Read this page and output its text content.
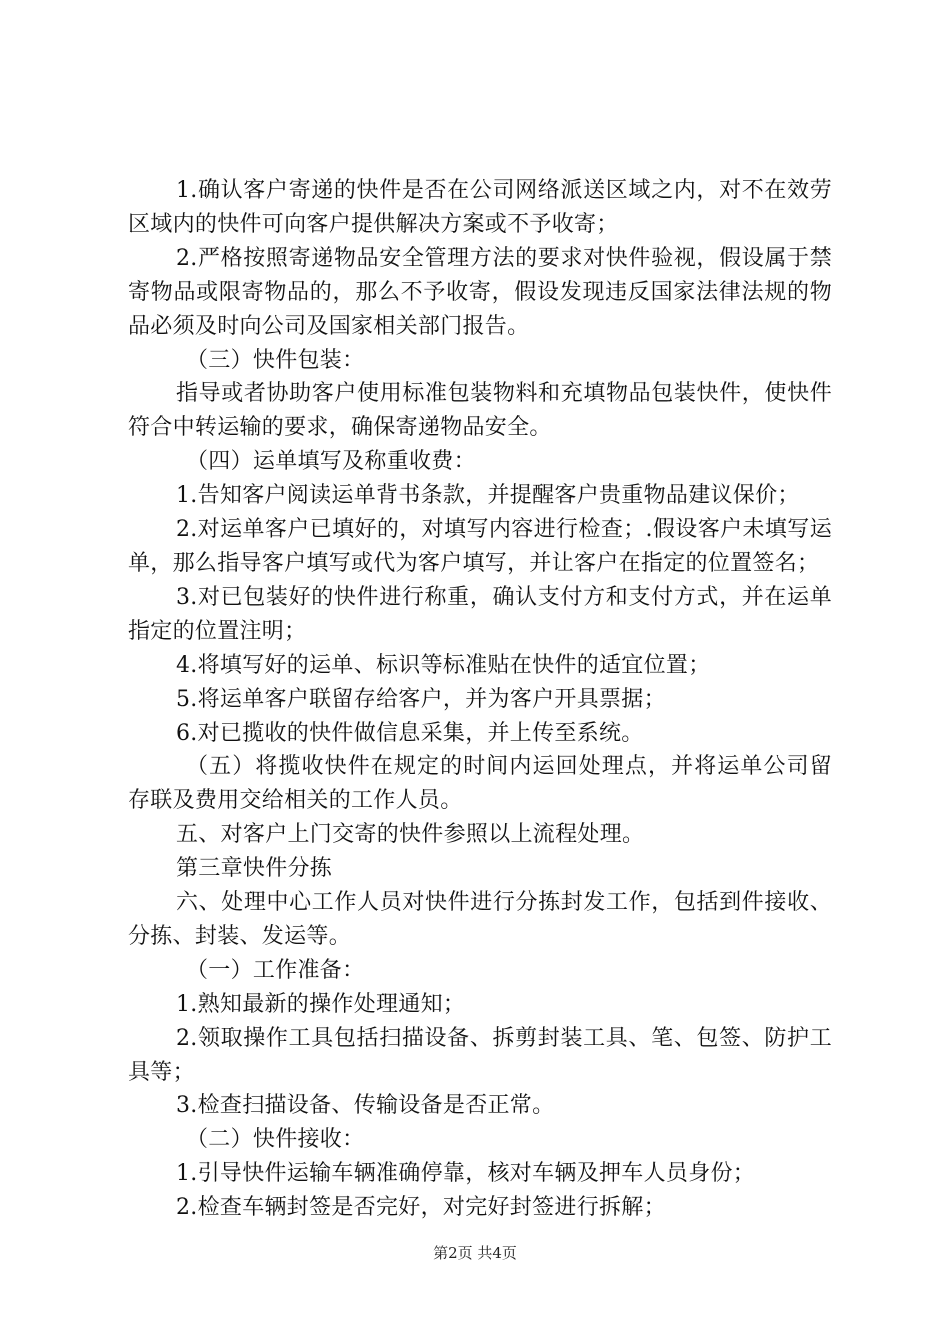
1.确认客户寄递的快件是否在公司网络派送区域之内，对不在效劳区域内的快件可向客户提供解决方案或不予收寄；

2.严格按照寄递物品安全管理方法的要求对快件验视，假设属于禁寄物品或限寄物品的，那么不予收寄，假设发现违反国家法律法规的物品必须及时向公司及国家相关部门报告。

（三）快件包装：

指导或者协助客户使用标准包装物料和充填物品包装快件，使快件符合中转运输的要求，确保寄递物品安全。

（四）运单填写及称重收费：

1.告知客户阅读运单背书条款，并提醒客户贵重物品建议保价；

2.对运单客户已填好的，对填写内容进行检查；.假设客户未填写运单，那么指导客户填写或代为客户填写，并让客户在指定的位置签名；

3.对已包装好的快件进行称重，确认支付方和支付方式，并在运单指定的位置注明；

4.将填写好的运单、标识等标准贴在快件的适宜位置；

5.将运单客户联留存给客户，并为客户开具票据；

6.对已揽收的快件做信息采集，并上传至系统。

（五）将揽收快件在规定的时间内运回处理点，并将运单公司留存联及费用交给相关的工作人员。

五、对客户上门交寄的快件参照以上流程处理。

第三章快件分拣

六、处理中心工作人员对快件进行分拣封发工作，包括到件接收、分拣、封装、发运等。

（一）工作准备：

1.熟知最新的操作处理通知；

2.领取操作工具包括扫描设备、拆剪封装工具、笔、包签、防护工具等；

3.检查扫描设备、传输设备是否正常。

（二）快件接收：

1.引导快件运输车辆准确停靠，核对车辆及押车人员身份；

2.检查车辆封签是否完好，对完好封签进行拆解；

第2页 共4页
